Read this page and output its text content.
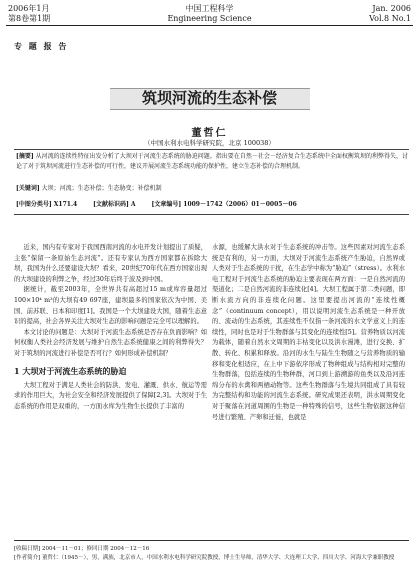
2006年1月
第8卷第1期
中国工程科学
Engineering Science
Jan. 2006
Vol.8 No.1
专 题 报 告
筑坝河流的生态补偿
董哲仁
（中国水利水电科学研究院，北京 100038）
[摘要] 从河流的连续性特征出发分析了大坝对于河流生态系统的胁迫问题。指出要在自然－社会－经济复合生态系统中全面权衡筑坝的利弊得失，讨论了对于筑坝河流进行生态补偿的可行性，建议开展河流生态系统功能的保护性，建立生态补偿的合理机制。
[关键词] 大坝；河流；生态补偿；生态胁变；补偿机制
[中图分类号] X171.4	[文献标识码] A	[文章编号] 1009－1742（2006）01－0005－06

近来，国内有专家对于我国西南河流的水电开发计划提出了质疑，主张“保留一条原始生态河流”。还有专家认为西方国家都在拆除大坝，我国为什么还要建设大坝？看来，20世纪70年代在西方国家出现的大坝建设的利弊之争，经过30年后终于波及到中国。

据统计，截至2003年，全世界共有高超过15 m或库容量超过100×10⁴ m³的大坝有49 697座，建坝最多的国家依次为中国、美国、前苏联、日本和印度[1]。我国是一个大坝建设大国，随着生态意识的提高，社会各界关注大坝对生态的影响问题是完全可以理解的。

本文讨论的问题是：大坝对于河流生态系统是否存在负面影响？如何权衡人类社会经济发展与维护自然生态系统健康之间的利弊得失？对于筑坝的河流进行补偿是否可行？如何形成补偿机制？

1 大坝对于河流生态系统的胁迫

大坝工程对于满足人类社会的防洪、发电、灌溉、供水、航运等需求的作用巨大，为社会安全和经济发展提供了保障[2,3]。大坝对于生态系统的作用是双重的，一方面水库为生物生长提供了丰富的

水源，也缓解大洪水对于生态系统的冲击等。这些因素对河流生态系统是有利的，另一方面，大坝对于河流生态系统产生胁迫，自然界或人类对于生态系统的干扰，在生态学中称为“胁迫”（stress）。水利水电工程对于河流生态系统的胁迫主要表现在两方面：一是自然河流的渠道化；二是自然河流的非连续化[4]。大坝工程属于第二类问题，即断水流方向的非连续化问题。这里要提出河流的“连续性概念”（continuum concept），用以说明河流生态系统是一种开放的、流动的生态系统，其连续性不仅指一条河流的水文学意义上的连续性，同时也是对于生物群落与其变化的连续性[5]。营养物质以河流为载体，随着自然水文周期的丰枯变化以及洪水漫滩，进行交换、扩散、转化、积累和释放。沿河的水生与陆生生物随之与营养物质的输移和变化相适应，在上中下游依序形成了物种组成与结构相对完整的生物群落，包括连续的生物种群，河口到上游溯游的鱼类以及沿河连绵分布的水禽和两栖动物等。这些生物群落与生境共同组成了具有较为完整结构和功能的河流生态系统。研究成果还表明，洪水周期变化对于聚落在河道周围的生物是一种特殊的信号，这些生物依据这种信号进行繁殖、产卵和迁徙，也就是

[收稿日期] 2004－11－01；修回日期 2004－12－16
[作者简介] 董哲仁（1945－），男，满族，北京市人，中国水利水电科学研究院教授，博士生导师，清华大学、大连理工大学、四川大学、河海大学兼职教授
